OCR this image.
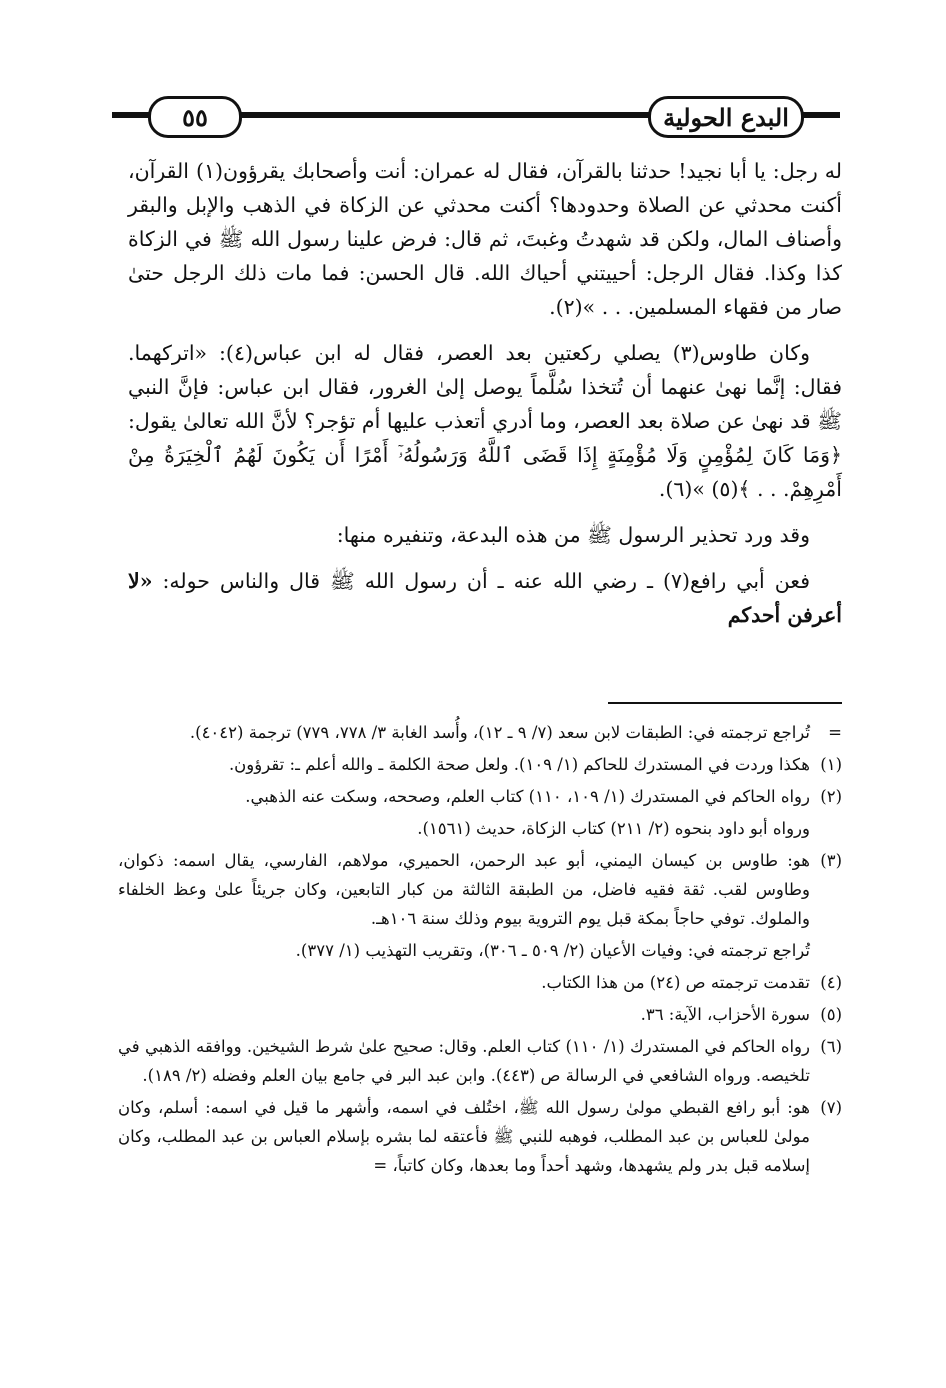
٥٥	البدع الحولية

له رجل: يا أبا نجيد! حدثنا بالقرآن، فقال له عمران: أنت وأصحابك يقرؤون(١) القرآن، أكنت محدثي عن الصلاة وحدودها؟ أكنت محدثي عن الزكاة في الذهب والإبل والبقر وأصناف المال، ولكن قد شهدتُ وغبتَ، ثم قال: فرض علينا رسول الله ﷺ في الزكاة كذا وكذا. فقال الرجل: أحييتني أحياك الله. قال الحسن: فما مات ذلك الرجل حتىٰ صار من فقهاء المسلمين. . . »(٢).

وكان طاوس(٣) يصلي ركعتين بعد العصر، فقال له ابن عباس(٤): «اتركهما. فقال: إنَّما نهىٰ عنهما أن تُتخذا سُلَّماً يوصل إلىٰ الغرور، فقال ابن عباس: فإنَّ النبي ﷺ قد نهىٰ عن صلاة بعد العصر، وما أدري أتعذب عليها أم تؤجر؟ لأنَّ الله تعالىٰ يقول: ﴿وَمَا كَانَ لِمُؤْمِنٍ وَلَا مُؤْمِنَةٍ إِذَا قَضَى ٱللَّهُ وَرَسُولُهُۥٓ أَمْرًا أَن يَكُونَ لَهُمُ ٱلْخِيَرَةُ مِنْ أَمْرِهِمْ. . . ﴾(٥) »(٦).

وقد ورد تحذير الرسول ﷺ من هذه البدعة، وتنفيره منها:

فعن أبي رافع(٧) ـ رضي الله عنه ـ أن رسول الله ﷺ قال والناس حوله: «لا أعرفن أحدكم

=تُراجع ترجمته في: الطبقات لابن سعد (٧/ ٩ ـ ١٢)، وأُسد الغابة ٣/ ٧٧٨، ٧٧٩) ترجمة (٤٠٤٢).
(١)هكذا وردت في المستدرك للحاكم (١/ ١٠٩). ولعل صحة الكلمة ـ والله أعلم ـ: تقرؤون.
(٢)رواه الحاكم في المستدرك (١/ ١٠٩، ١١٠) كتاب العلم، وصححه، وسكت عنه الذهبي.
ورواه أبو داود بنحوه (٢/ ٢١١) كتاب الزكاة، حديث (١٥٦١).
(٣)هو: طاوس بن كيسان اليمني، أبو عبد الرحمن، الحميري، مولاهم، الفارسي، يقال اسمه: ذكوان، وطاوس لقب. ثقة فقيه فاضل، من الطبقة الثالثة من كبار التابعين، وكان جريئاً علىٰ وعظ الخلفاء والملوك. توفي حاجاً بمكة قبل يوم التروية بيوم وذلك سنة ١٠٦هـ.
تُراجع ترجمته في: وفيات الأعيان (٢/ ٥٠٩ ـ ٣٠٦)، وتقريب التهذيب (١/ ٣٧٧).
(٤)تقدمت ترجمته ص (٢٤) من هذا الكتاب.
(٥)سورة الأحزاب، الآية: ٣٦.
(٦)رواه الحاكم في المستدرك (١/ ١١٠) كتاب العلم. وقال: صحيح علىٰ شرط الشيخين. ووافقه الذهبي في تلخيصه. ورواه الشافعي في الرسالة ص (٤٤٣). وابن عبد البر في جامع بيان العلم وفضله (٢/ ١٨٩).
(٧)هو: أبو رافع القبطي مولىٰ رسول الله ﷺ، اختُلف في اسمه، وأشهر ما قيل في اسمه: أسلم، وكان مولىٰ للعباس بن عبد المطلب، فوهبه للنبي ﷺ فأعتقه لما بشره بإسلام العباس بن عبد المطلب، وكان إسلامه قبل بدر ولم يشهدها، وشهد أحداً وما بعدها، وكان كاتباً، =
